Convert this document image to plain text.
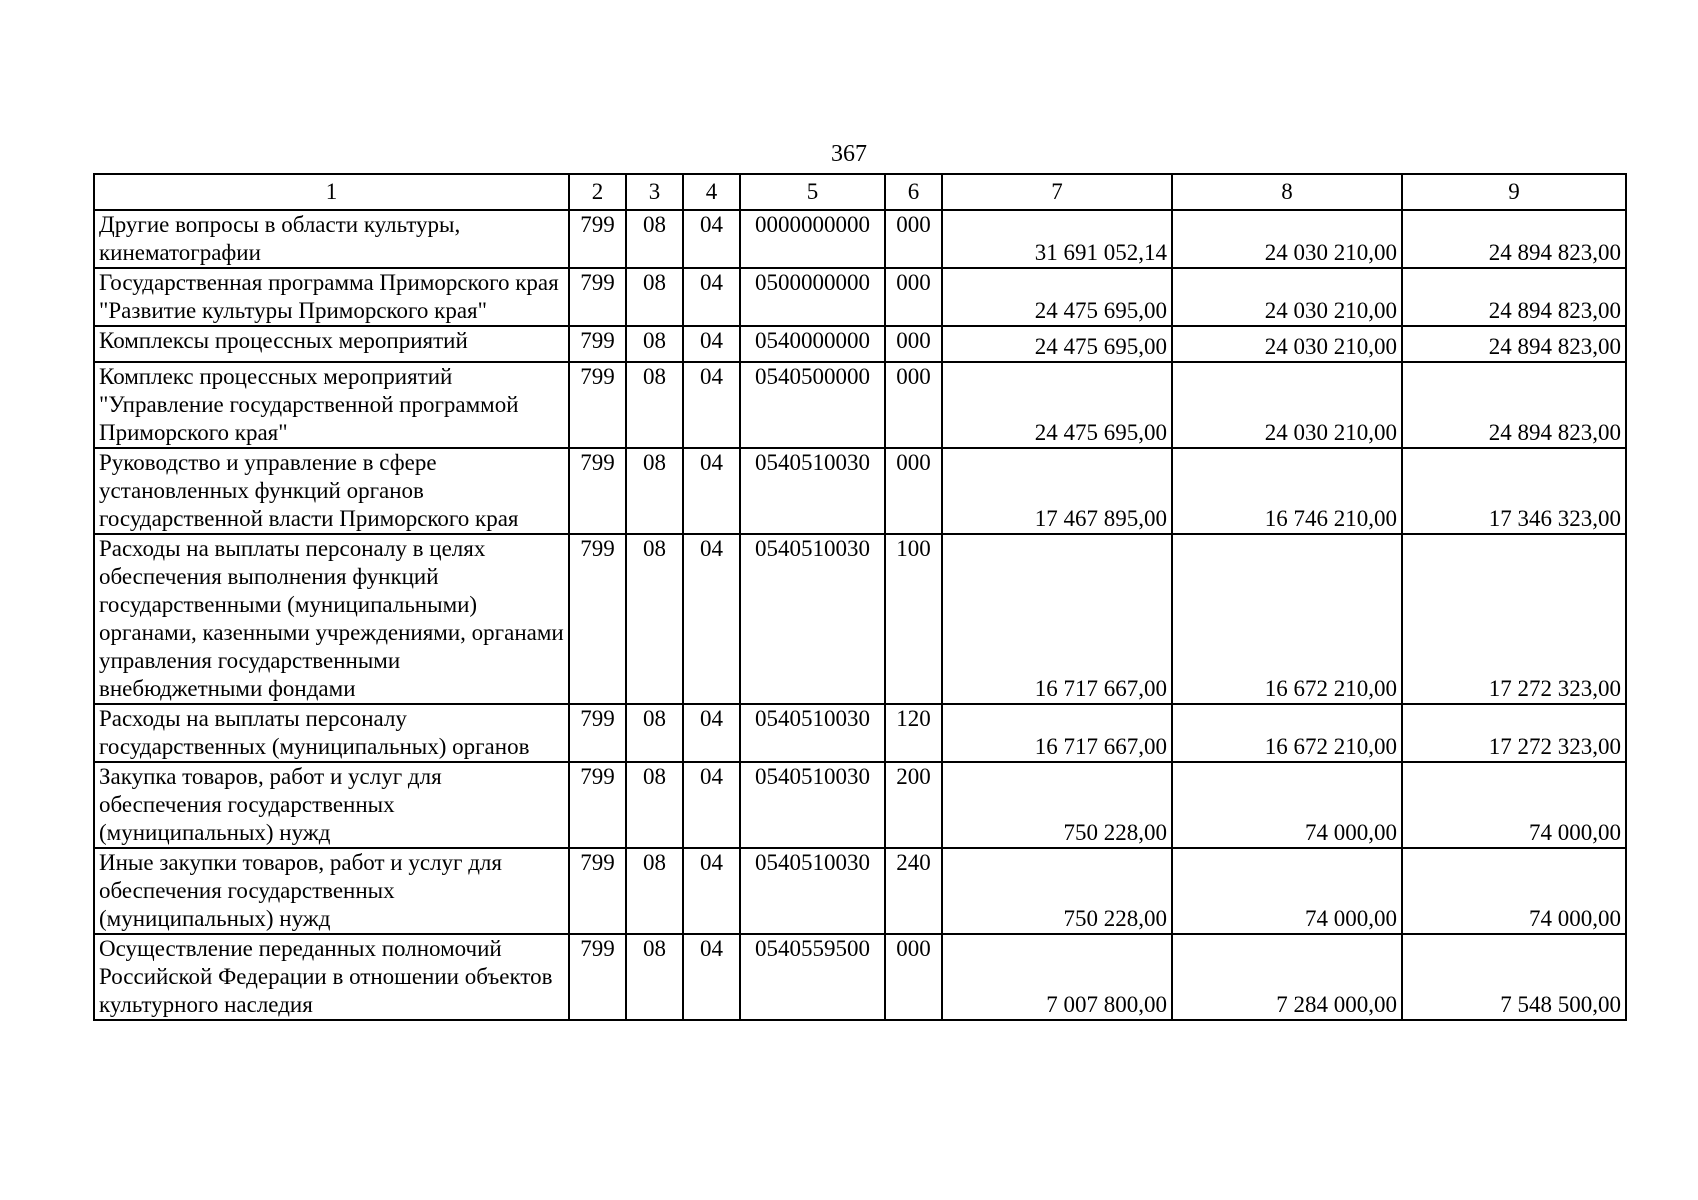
367
1	2	3	4	5	6	7	8	9
Другие вопросы в области культуры, кинематографии	799	08	04	0000000000	000	31 691 052,14	24 030 210,00	24 894 823,00
Государственная программа Приморского края "Развитие культуры Приморского края"	799	08	04	0500000000	000	24 475 695,00	24 030 210,00	24 894 823,00
Комплексы процессных мероприятий	799	08	04	0540000000	000	24 475 695,00	24 030 210,00	24 894 823,00
Комплекс процессных мероприятий "Управление государственной программой Приморского края"	799	08	04	0540500000	000	24 475 695,00	24 030 210,00	24 894 823,00
Руководство и управление в сфере установленных функций органов государственной власти Приморского края	799	08	04	0540510030	000	17 467 895,00	16 746 210,00	17 346 323,00
Расходы на выплаты персоналу в целях обеспечения выполнения функций государственными (муниципальными) органами, казенными учреждениями, органами управления государственными внебюджетными фондами	799	08	04	0540510030	100	16 717 667,00	16 672 210,00	17 272 323,00
Расходы на выплаты персоналу государственных (муниципальных) органов	799	08	04	0540510030	120	16 717 667,00	16 672 210,00	17 272 323,00
Закупка товаров, работ и услуг для обеспечения государственных (муниципальных) нужд	799	08	04	0540510030	200	750 228,00	74 000,00	74 000,00
Иные закупки товаров, работ и услуг для обеспечения государственных (муниципальных) нужд	799	08	04	0540510030	240	750 228,00	74 000,00	74 000,00
Осуществление переданных полномочий Российской Федерации в отношении объектов культурного наследия	799	08	04	0540559500	000	7 007 800,00	7 284 000,00	7 548 500,00
